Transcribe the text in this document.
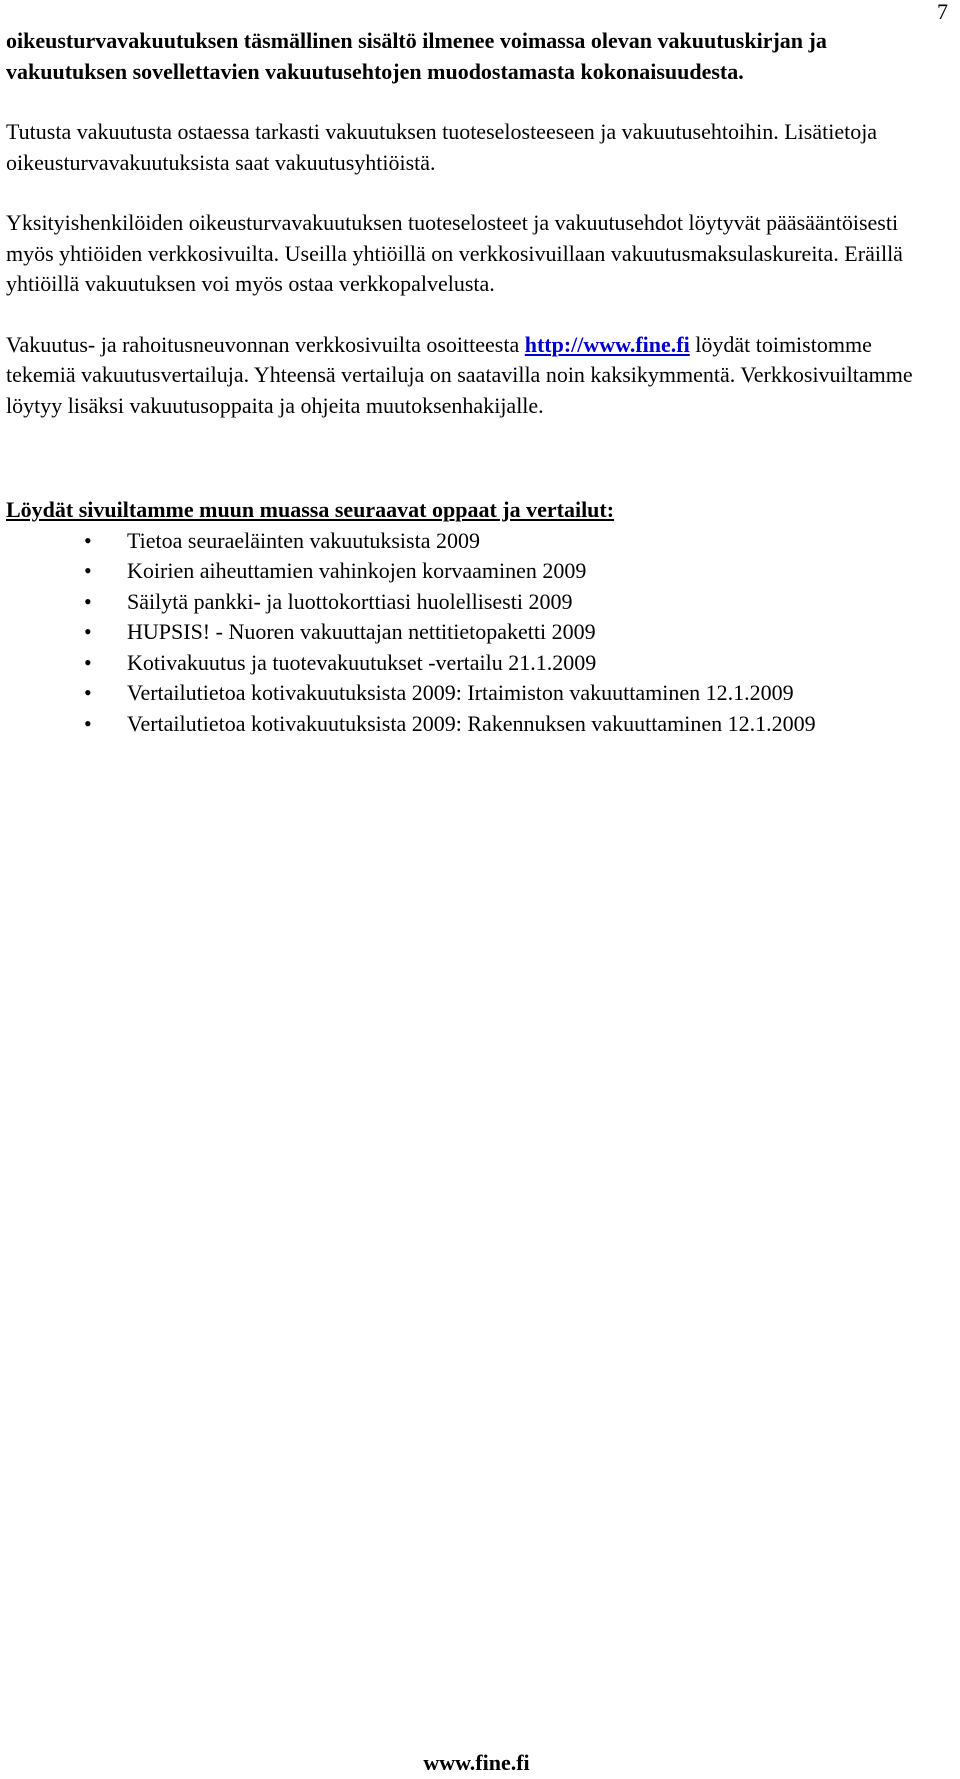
7

oikeusturvavakuutuksen täsmällinen sisältö ilmenee voimassa olevan vakuutuskirjan ja vakuutuksen sovellettavien vakuutusehtojen muodostamasta kokonaisuudesta.

Tutusta vakuutusta ostaessa tarkasti vakuutuksen tuoteselosteeseen ja vakuutusehtoihin. Lisätietoja oikeusturvavakuutuksista saat vakuutusyhtiöistä.

Yksityishenkilöiden oikeusturvavakuutuksen tuoteselosteet ja vakuutusehdot löytyvät pääsääntöisesti myös yhtiöiden verkkosivuilta. Useilla yhtiöillä on verkkosivuillaan vakuutusmaksulaskureita. Eräillä yhtiöillä vakuutuksen voi myös ostaa verkkopalvelusta.

Vakuutus- ja rahoitusneuvonnan verkkosivuilta osoitteesta http://www.fine.fi löydät toimistomme tekemiä vakuutusvertailuja. Yhteensä vertailuja on saatavilla noin kaksikymmentä. Verkkosivuiltamme löytyy lisäksi vakuutusoppaita ja ohjeita muutoksenhakijalle.

Löydät sivuiltamme muun muassa seuraavat oppaat ja vertailut:

• Tietoa seuraeläinten vakuutuksista 2009
• Koirien aiheuttamien vahinkojen korvaaminen 2009
• Säilytä pankki- ja luottokorttiasi huolellisesti 2009
• HUPSIS! - Nuoren vakuuttajan nettitietopaketti 2009
• Kotivakuutus ja tuotevakuutukset -vertailu 21.1.2009
• Vertailutietoa kotivakuutuksista 2009: Irtaimiston vakuuttaminen 12.1.2009
• Vertailutietoa kotivakuutuksista 2009: Rakennuksen vakuuttaminen 12.1.2009
www.fine.fi
